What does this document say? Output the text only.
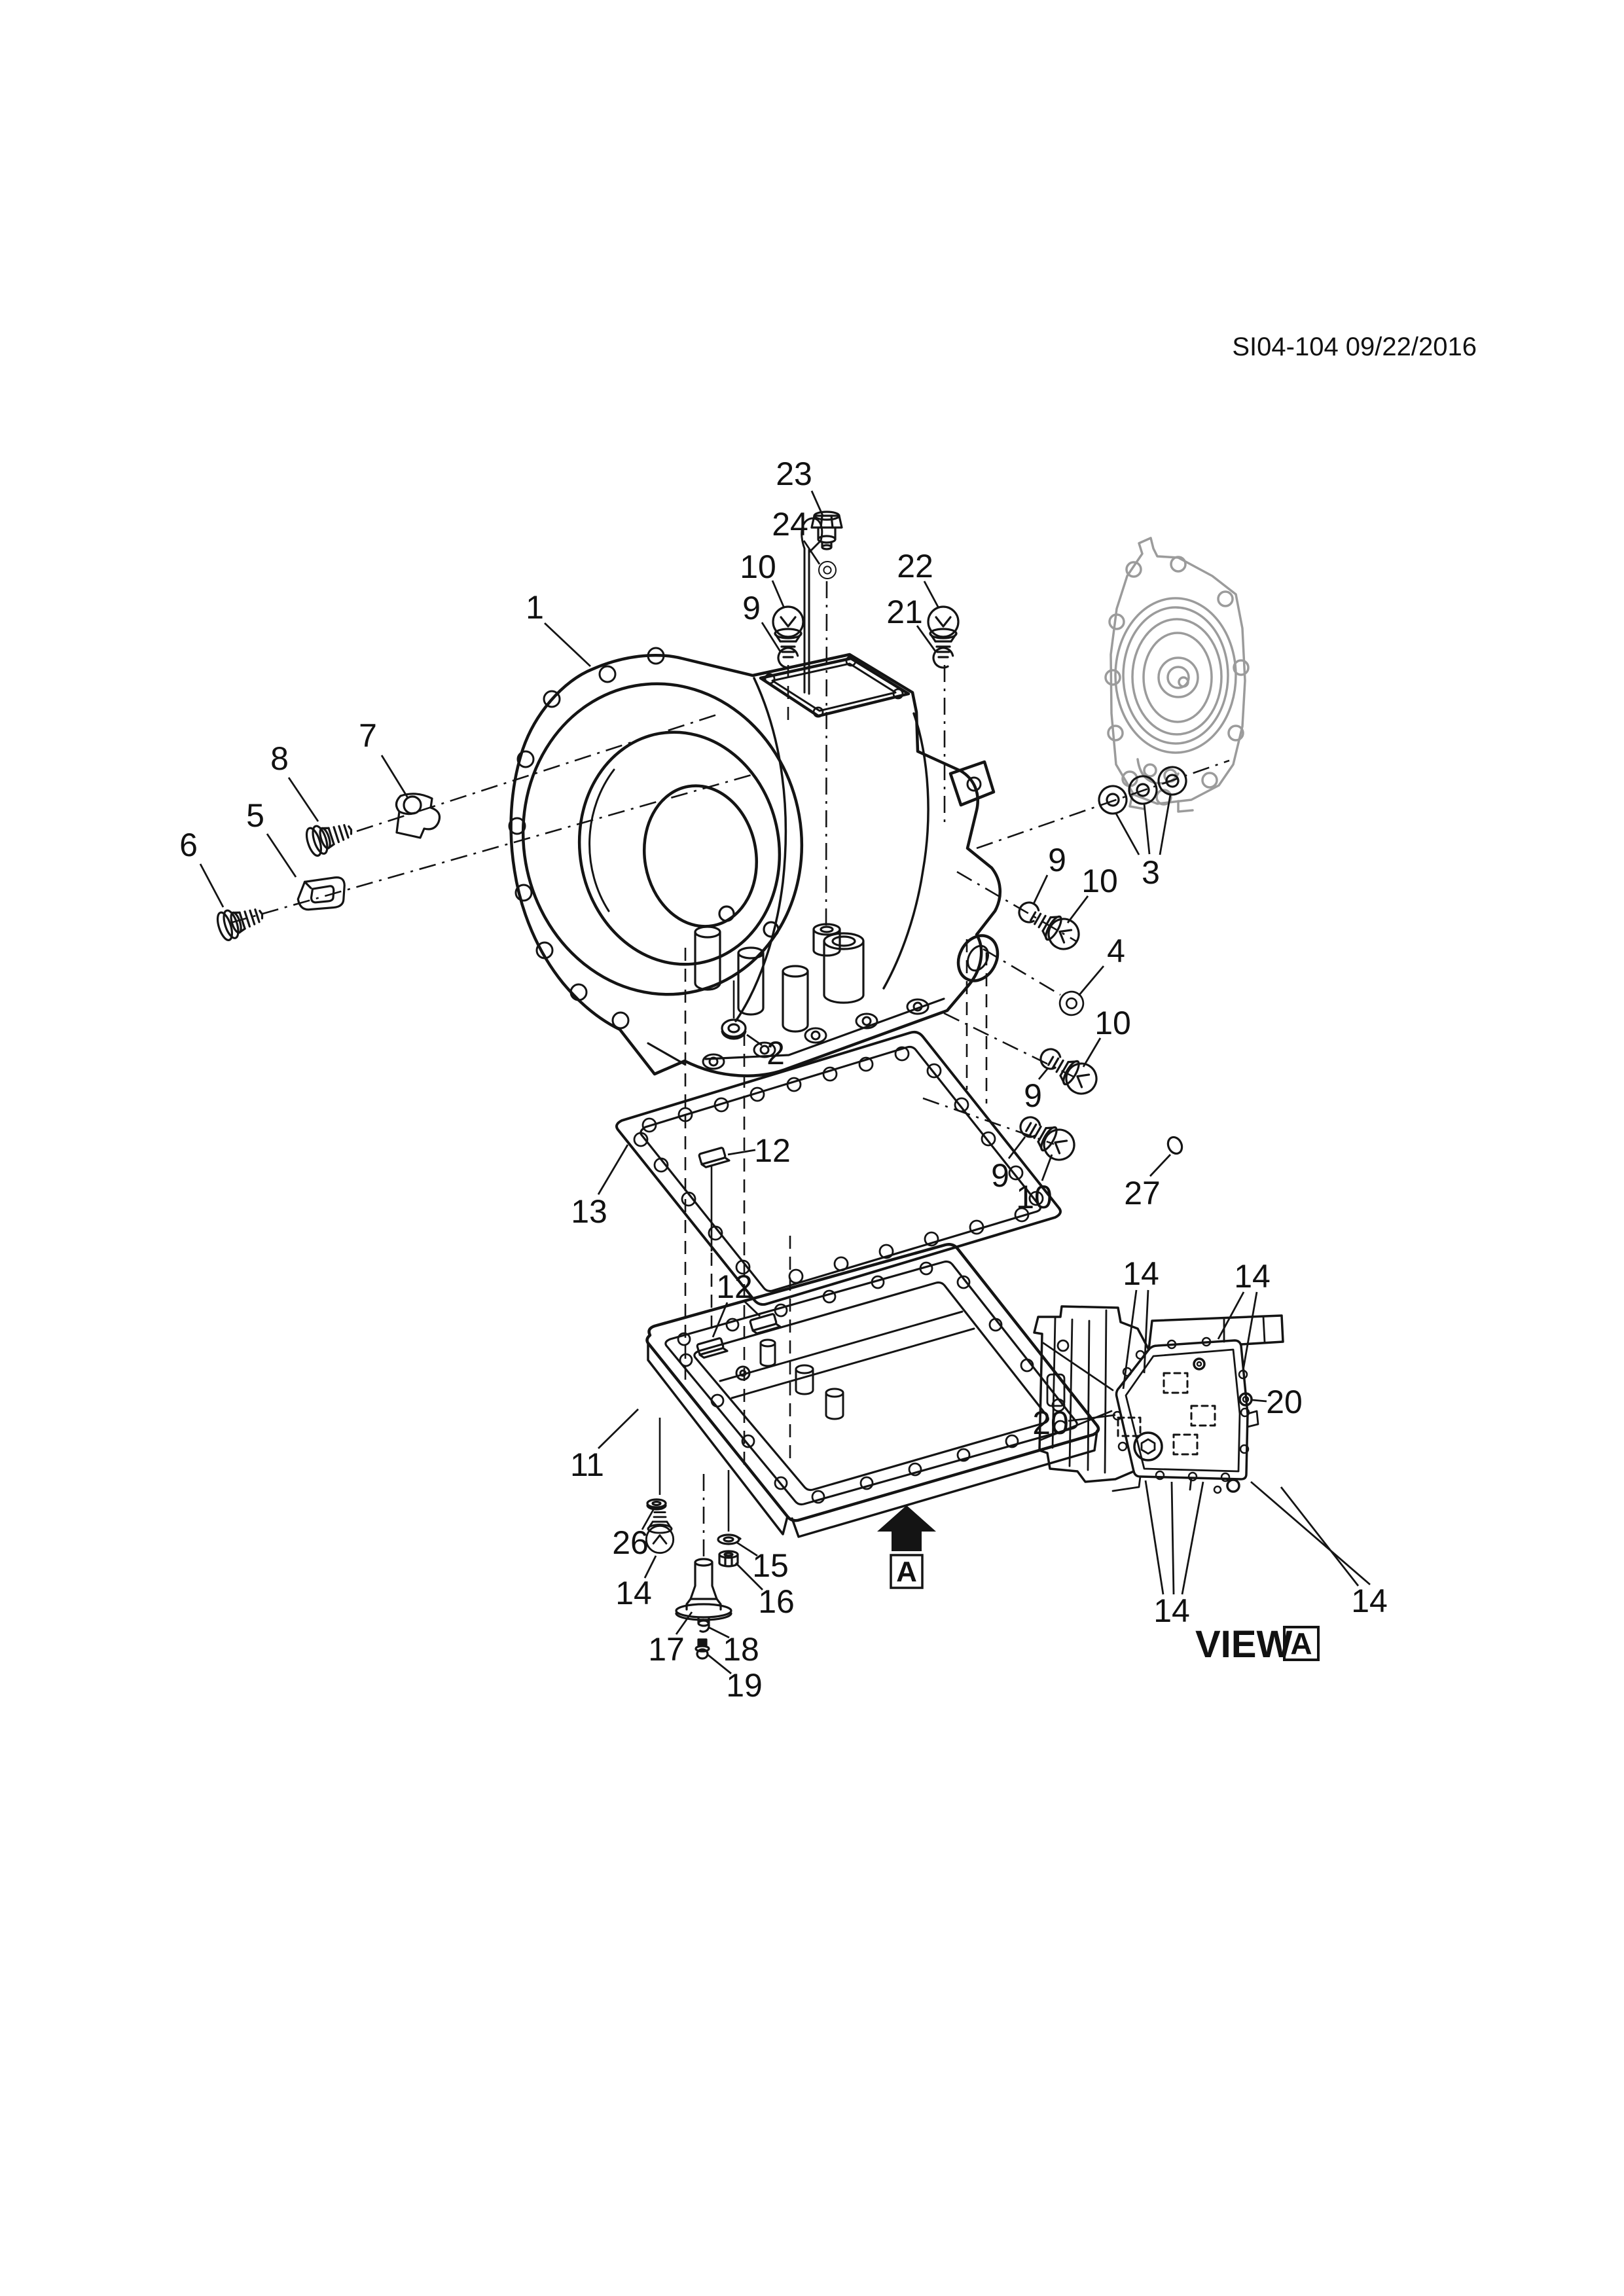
SI04-104 09/22/2016
A
VIEW
A
1
23
24
10
9
22
21
8
7
5
6
3
9
10
4
10
9
9
10 27
2
12
13
12
11
26
14
15
16
17 18
19
14 14
20
20
14	14
